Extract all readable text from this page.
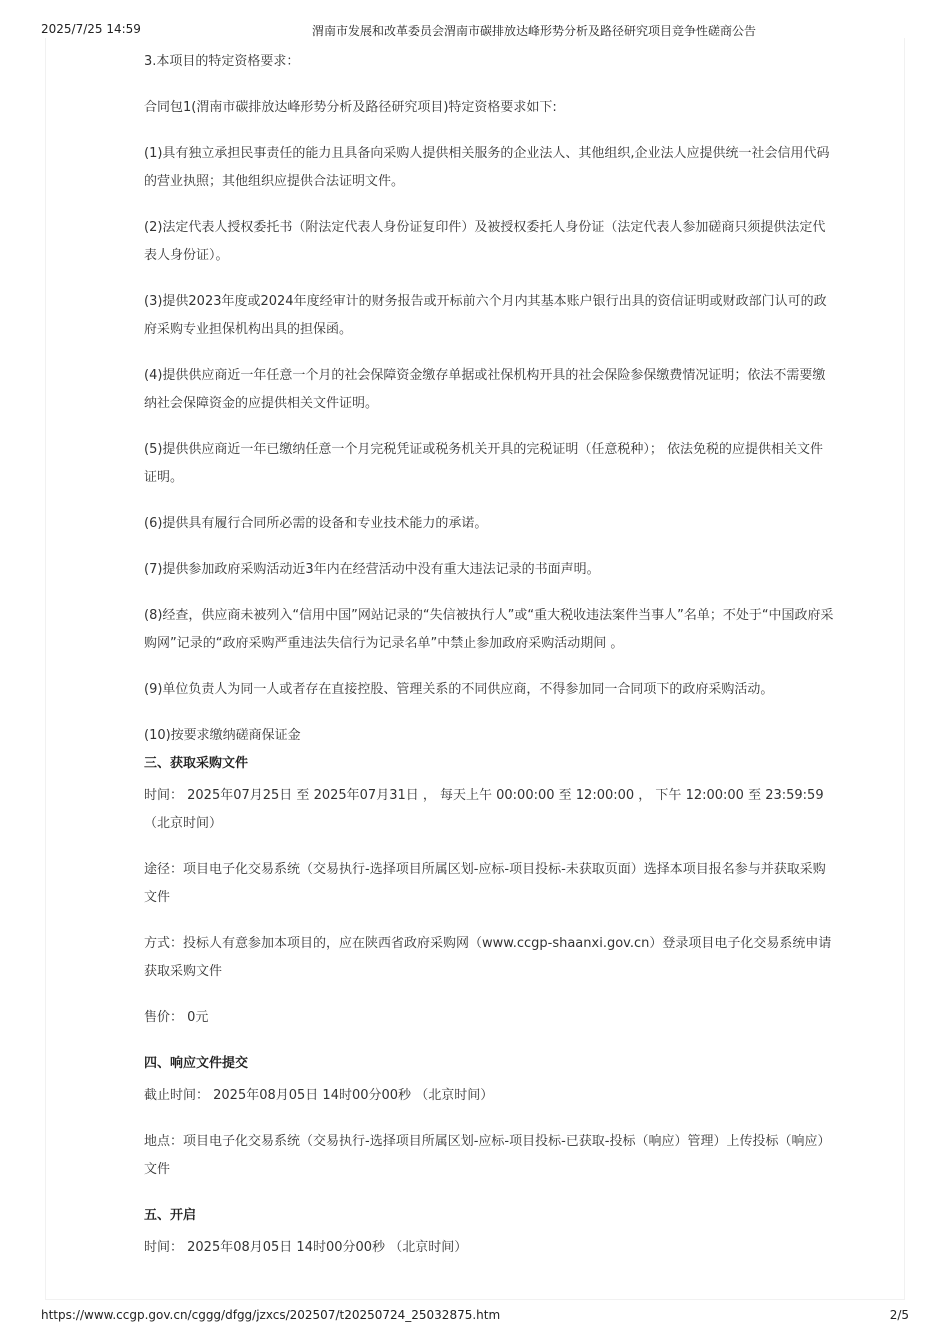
2025/7/25 14:59	渭南市发展和改革委员会渭南市碳排放达峰形势分析及路径研究项目竞争性磋商公告

3.本项目的特定资格要求：

合同包1(渭南市碳排放达峰形势分析及路径研究项目)特定资格要求如下:

(1)具有独立承担民事责任的能力且具备向采购人提供相关服务的企业法人、其他组织,企业法人应提供统一社会信用代码的营业执照；其他组织应提供合法证明文件。

(2)法定代表人授权委托书（附法定代表人身份证复印件）及被授权委托人身份证（法定代表人参加磋商只须提供法定代表人身份证）。

(3)提供2023年度或2024年度经审计的财务报告或开标前六个月内其基本账户银行出具的资信证明或财政部门认可的政府采购专业担保机构出具的担保函。

(4)提供供应商近一年任意一个月的社会保障资金缴存单据或社保机构开具的社会保险参保缴费情况证明；依法不需要缴纳社会保障资金的应提供相关文件证明。

(5)提供供应商近一年已缴纳任意一个月完税凭证或税务机关开具的完税证明（任意税种）； 依法免税的应提供相关文件证明。

(6)提供具有履行合同所必需的设备和专业技术能力的承诺。

(7)提供参加政府采购活动近3年内在经营活动中没有重大违法记录的书面声明。

(8)经查，供应商未被列入“信用中国”网站记录的“失信被执行人”或“重大税收违法案件当事人”名单；不处于“中国政府采购网”记录的“政府采购严重违法失信行为记录名单”中禁止参加政府采购活动期间 。

(9)单位负责人为同一人或者存在直接控股、管理关系的不同供应商，不得参加同一合同项下的政府采购活动。

(10)按要求缴纳磋商保证金

三、获取采购文件

时间： 2025年07月25日 至 2025年07月31日 ， 每天上午 00:00:00 至 12:00:00 ， 下午 12:00:00 至 23:59:59 （北京时间）

途径：项目电子化交易系统（交易执行-选择项目所属区划-应标-项目投标-未获取页面）选择本项目报名参与并获取采购文件

方式：投标人有意参加本项目的，应在陕西省政府采购网（www.ccgp-shaanxi.gov.cn）登录项目电子化交易系统申请获取采购文件

售价： 0元

四、响应文件提交

截止时间： 2025年08月05日 14时00分00秒 （北京时间）

地点：项目电子化交易系统（交易执行-选择项目所属区划-应标-项目投标-已获取-投标（响应）管理）上传投标（响应）文件

五、开启

时间： 2025年08月05日 14时00分00秒 （北京时间）

https://www.ccgp.gov.cn/cggg/dfgg/jzxcs/202507/t20250724_25032875.htm	2/5
